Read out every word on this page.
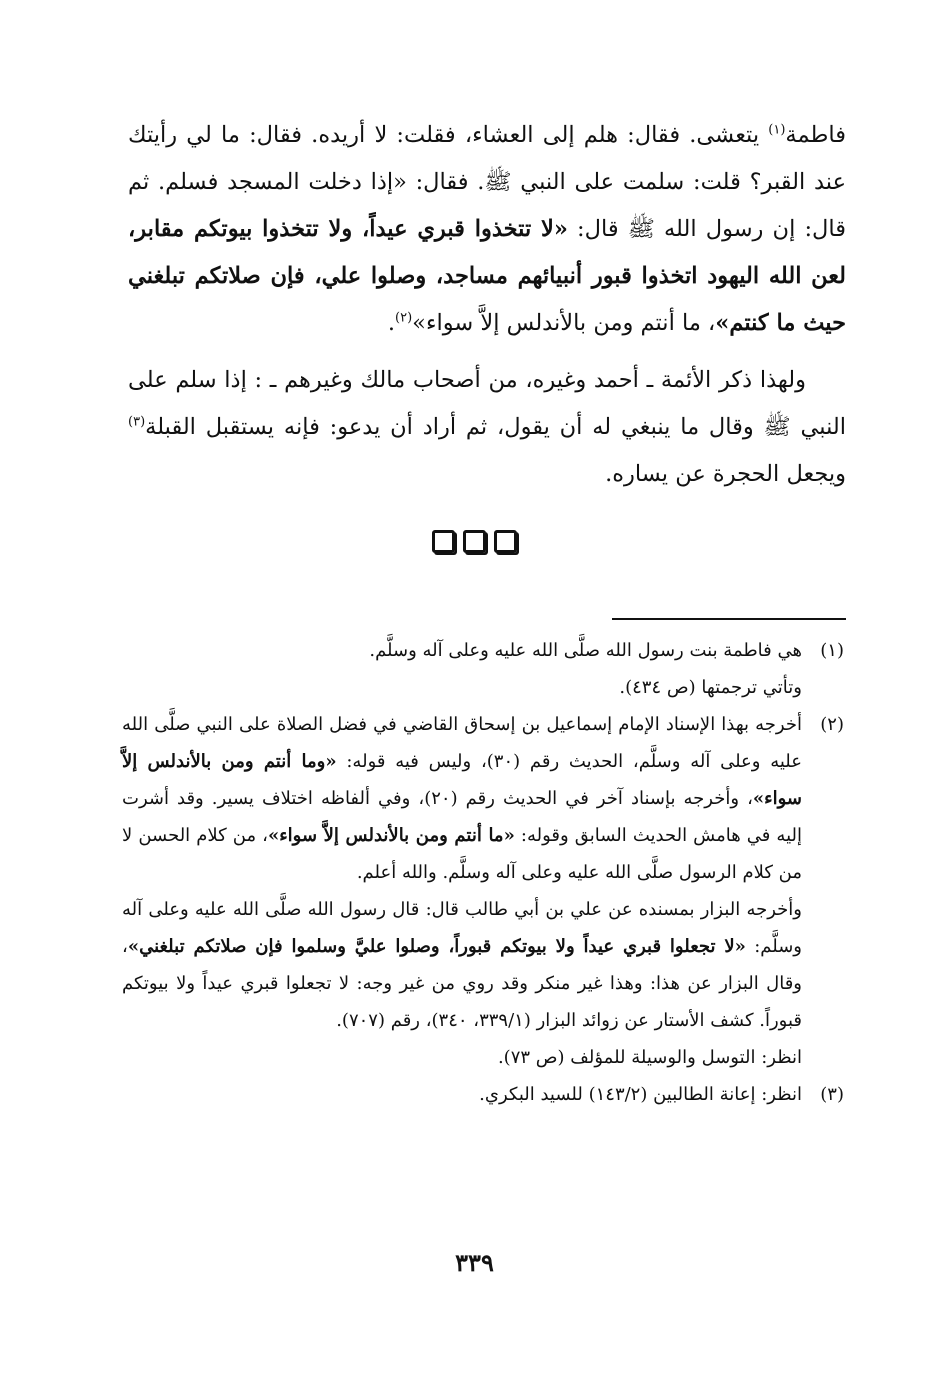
فاطمة$^{(١)}$ يتعشى. فقال: هلم إلى العشاء، فقلت: لا أريده. فقال: ما لي رأيتك عند القبر؟ قلت: سلمت على النبي ﷺ. فقال: «إذا دخلت المسجد فسلم. ثم قال: إن رسول الله ﷺ قال: «لا تتخذوا قبري عيداً، ولا تتخذوا بيوتكم مقابر، لعن الله اليهود اتخذوا قبور أنبيائهم مساجد، وصلوا علي، فإن صلاتكم تبلغني حيث ما كنتم»، ما أنتم ومن بالأندلس إلاَّ سواء»$^{(٢)}$.

ولهذا ذكر الأئمة ـ أحمد وغيره، من أصحاب مالك وغيرهم ـ : إذا سلم على النبي ﷺ وقال ما ينبغي له أن يقول، ثم أراد أن يدعو: فإنه يستقبل القبلة$^{(٣)}$ ويجعل الحجرة عن يساره.

(١)

هي فاطمة بنت رسول الله صلَّى الله عليه وعلى آله وسلَّم.

وتأتي ترجمتها (ص ٤٣٤).

(٢)

أخرجه بهذا الإسناد الإمام إسماعيل بن إسحاق القاضي في فضل الصلاة على النبي صلَّى الله عليه وعلى آله وسلَّم، الحديث رقم (٣٠)، وليس فيه قوله: «وما أنتم ومن بالأندلس إلاَّ سواء»، وأخرجه بإسناد آخر في الحديث رقم (٢٠)، وفي ألفاظه اختلاف يسير. وقد أشرت إليه في هامش الحديث السابق وقوله: «ما أنتم ومن بالأندلس إلاَّ سواء»، من كلام الحسن لا من كلام الرسول صلَّى الله عليه وعلى آله وسلَّم. والله أعلم.

وأخرجه البزار بمسنده عن علي بن أبي طالب قال: قال رسول الله صلَّى الله عليه وعلى آله وسلَّم: «لا تجعلوا قبري عيداً ولا بيوتكم قبوراً، وصلوا عليَّ وسلموا فإن صلاتكم تبلغني»، وقال البزار عن هذا: وهذا غير منكر وقد روي من غير وجه: لا تجعلوا قبري عيداً ولا بيوتكم قبوراً. كشف الأستار عن زوائد البزار (٣٣٩/١، ٣٤٠)، رقم (٧٠٧).

انظر: التوسل والوسيلة للمؤلف (ص ٧٣).

(٣)

انظر: إعانة الطالبين (١٤٣/٢) للسيد البكري.

٣٣٩
